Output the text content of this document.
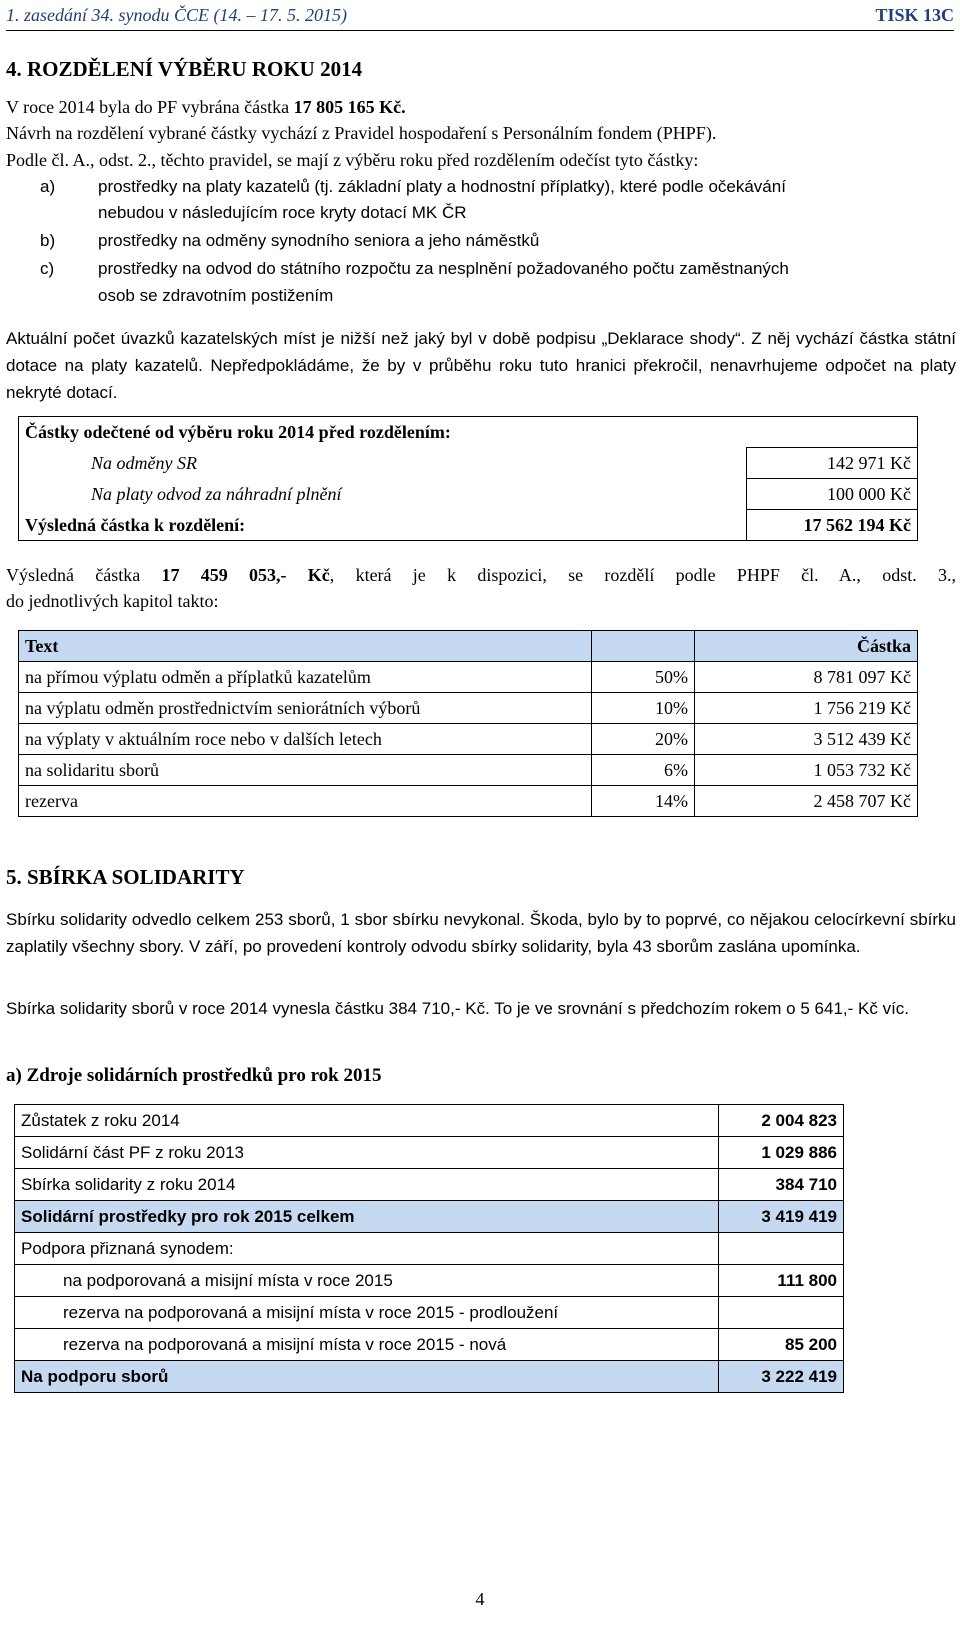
1. zasedání 34. synodu ČCE (14. – 17. 5. 2015)	TISK 13C
4. ROZDĚLENÍ VÝBĚRU ROKU 2014
V roce 2014 byla do PF vybrána částka 17 805 165 Kč.
Návrh na rozdělení vybrané částky vychází z Pravidel hospodaření s Personálním fondem (PHPF).
Podle čl. A., odst. 2., těchto pravidel, se mají z výběru roku před rozdělením odečíst tyto částky:
a)	prostředky na platy kazatelů (tj. základní platy a hodnostní příplatky), které podle očekávání
nebudou v následujícím roce kryty dotací MK ČR
b)	prostředky na odměny synodního seniora a jeho náměstků
c)	prostředky na odvod do státního rozpočtu za nesplnění požadovaného počtu zaměstnaných
osob se zdravotním postižením
Aktuální počet úvazků kazatelských míst je nižší než jaký byl v době podpisu „Deklarace shody“. Z něj vychází částka státní dotace na platy kazatelů. Nepředpokládáme, že by v průběhu roku tuto hranici překročil, nenavrhujeme odpočet na platy nekryté dotací.
Částky odečtené od výběru roku 2014 před rozdělením:	
Na odměny SR	142 971 Kč
Na platy odvod za náhradní plnění	100 000 Kč
Výsledná částka k rozdělení:	17 562 194 Kč
Výsledná částka 17 459 053,- Kč, která je k dispozici, se rozdělí podle PHPF čl. A., odst. 3.,
do jednotlivých kapitol takto:
Text		Částka
na přímou výplatu odměn a příplatků kazatelům	50%	8 781 097 Kč
na výplatu odměn prostřednictvím seniorátních výborů	10%	1 756 219 Kč
na výplaty v aktuálním roce nebo v dalších letech	20%	3 512 439 Kč
na solidaritu sborů	6%	1 053 732 Kč
rezerva	14%	2 458 707 Kč
5. SBÍRKA SOLIDARITY
Sbírku solidarity odvedlo celkem 253 sborů, 1 sbor sbírku nevykonal. Škoda, bylo by to poprvé, co nějakou celocírkevní sbírku zaplatily všechny sbory. V září, po provedení kontroly odvodu sbírky solidarity, byla 43 sborům zaslána upomínka.
Sbírka solidarity sborů v roce 2014 vynesla částku 384 710,- Kč. To je ve srovnání s předchozím rokem o 5 641,- Kč víc.
a) Zdroje solidárních prostředků pro rok 2015
Zůstatek z roku 2014	2 004 823
Solidární část PF z roku 2013	1 029 886
Sbírka solidarity z roku 2014	384 710
Solidární prostředky pro rok 2015 celkem	3 419 419
Podpora přiznaná synodem:	
na podporovaná a misijní místa v roce 2015	111 800
rezerva na podporovaná a misijní místa v roce 2015 - prodloužení	
rezerva na podporovaná a misijní místa v roce 2015 - nová	85 200
Na podporu sborů	3 222 419
4
